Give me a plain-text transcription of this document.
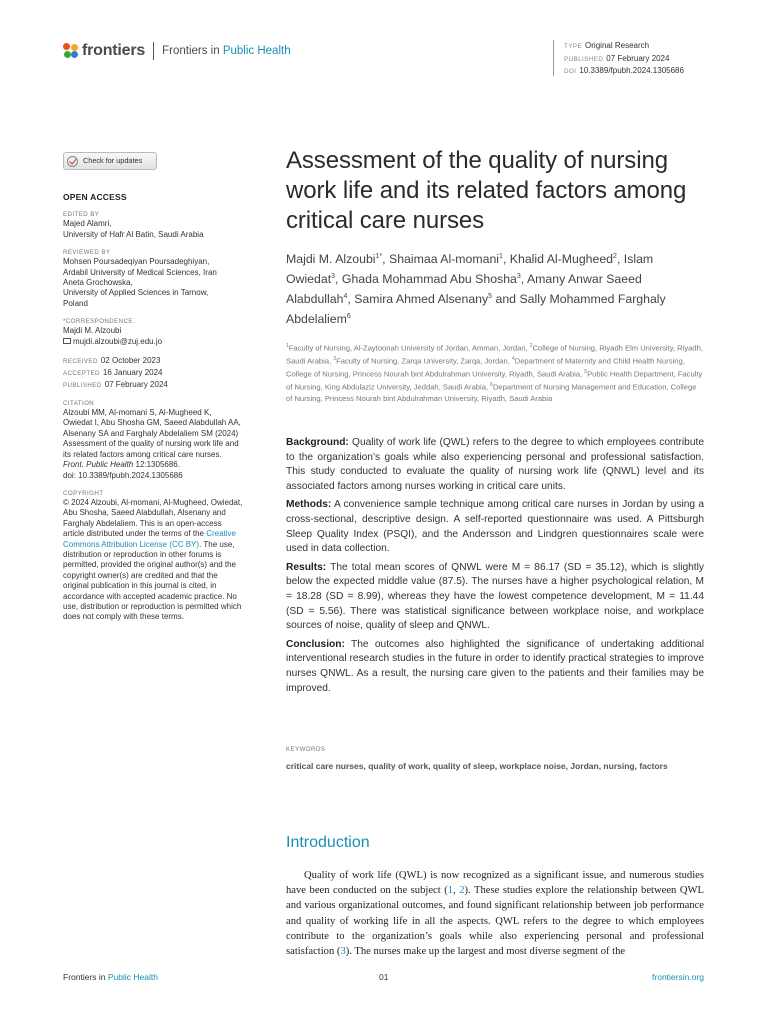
frontiers Frontiers in Public Health	TYPE Original Research
PUBLISHED 07 February 2024
DOI 10.3389/fpubh.2024.1305686
Check for updates
OPEN ACCESS
EDITED BY
Majed Alamri,
University of Hafr Al Batin, Saudi Arabia
REVIEWED BY
Mohsen Poursadeqiyan Poursadeghiyan,
Ardabil University of Medical Sciences, Iran
Aneta Grochowska,
University of Applied Sciences in Tarnow,
Poland
*CORRESPONDENCE
Majdi M. Alzoubi
mujdi.alzoubi@zuj.edu.jo
RECEIVED 02 October 2023
ACCEPTED 16 January 2024
PUBLISHED 07 February 2024
CITATION
Alzoubi MM, Al-momani S, Al-Mugheed K, Owiedat I, Abu Shosha GM, Saeed Alabdullah AA, Alsenany SA and Farghaly Abdelaliem SM (2024) Assessment of the quality of nursing work life and its related factors among critical care nurses.
Front. Public Health 12:1305686.
doi: 10.3389/fpubh.2024.1305686
COPYRIGHT
© 2024 Alzoubi, Al-momani, Al-Mugheed, Owiedat, Abu Shosha, Saeed Alabdullah, Alsenany and Farghaly Abdelaliem. This is an open-access article distributed under the terms of the Creative Commons Attribution License (CC BY). The use, distribution or reproduction in other forums is permitted, provided the original author(s) and the copyright owner(s) are credited and that the original publication in this journal is cited, in accordance with accepted academic practice. No use, distribution or reproduction is permitted which does not comply with these terms.
Assessment of the quality of nursing work life and its related factors among critical care nurses
Majdi M. Alzoubi$^{1*}$, Shaimaa Al-momani$^1$, Khalid Al-Mugheed$^2$, Islam Owiedat$^3$, Ghada Mohammad Abu Shosha$^3$, Amany Anwar Saeed Alabdullah$^4$, Samira Ahmed Alsenany$^5$ and Sally Mohammed Farghaly Abdelaliem$^6$
$^1$Faculty of Nursing, Al-Zaytoonah University of Jordan, Amman, Jordan, $^2$College of Nursing, Riyadh Elm University, Riyadh, Saudi Arabia, $^3$Faculty of Nursing, Zarqa University, Zarqa, Jordan, $^4$Department of Maternity and Child Health Nursing, College of Nursing, Princess Nourah bint Abdulrahman University, Riyadh, Saudi Arabia, $^5$Public Health Department, Faculty of Nursing, King Abdulaziz University, Jeddah, Saudi Arabia, $^6$Department of Nursing Management and Education, College of Nursing, Princess Nourah bint Abdulrahman University, Riyadh, Saudi Arabia

Background: Quality of work life (QWL) refers to the degree to which employees contribute to the organization’s goals while also experiencing personal and professional satisfaction. This study conducted to evaluate the quality of nursing work life (QNWL) level and its associated factors among nurses working in critical care units.

Methods: A convenience sample technique among critical care nurses in Jordan by using a cross-sectional, descriptive design. A self-reported questionnaire was used. A Pittsburgh Sleep Quality Index (PSQI), and the Andersson and Lindgren questionnaires scale were used in data collection.

Results: The total mean scores of QNWL were M = 86.17 (SD = 35.12), which is slightly below the expected middle value (87.5). The nurses have a higher psychological relation, M = 18.28 (SD = 8.99), whereas they have the lowest competence development, M = 11.44 (SD = 5.56). There was statistical significance between workplace noise, and workplace sources of noise, quality of sleep and QNWL.

Conclusion: The outcomes also highlighted the significance of undertaking additional interventional research studies in the future in order to identify practical strategies to improve nurses QNWL. As a result, the nursing care given to the patients and their families may be improved.

KEYWORDS
critical care nurses, quality of work, quality of sleep, workplace noise, Jordan, nursing, factors
Introduction
Quality of work life (QWL) is now recognized as a significant issue, and numerous studies have been conducted on the subject (1, 2). These studies explore the relationship between QWL and various organizational outcomes, and found significant relationship between job performance and quality of working life in all the aspects. QWL refers to the degree to which employees contribute to the organization’s goals while also experiencing personal and professional satisfaction (3). The nurses make up the largest and most diverse segment of the
Frontiers in Public Health	01	frontiersin.org
